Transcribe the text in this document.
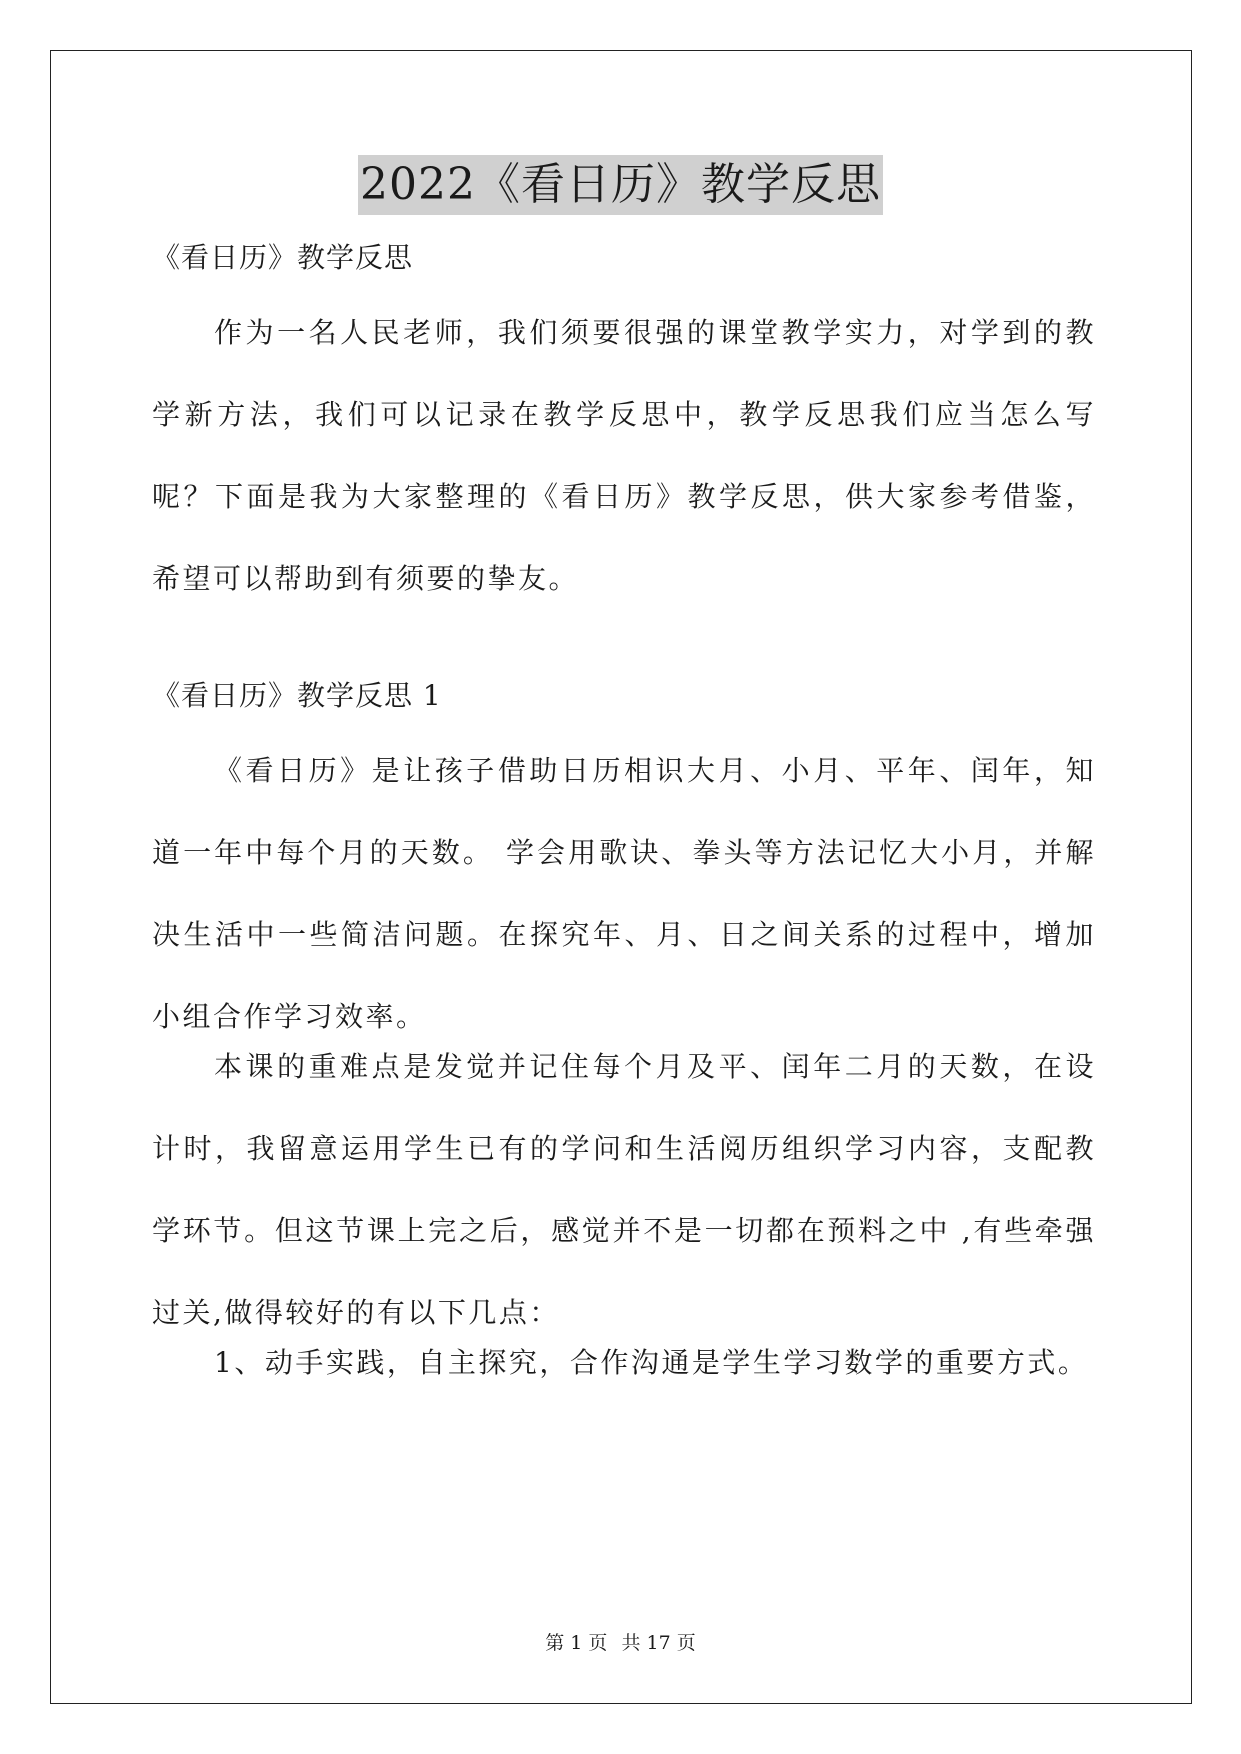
2022《看日历》教学反思
《看日历》教学反思

作为一名人民老师，我们须要很强的课堂教学实力，对学到的教学新方法，我们可以记录在教学反思中，教学反思我们应当怎么写呢？下面是我为大家整理的《看日历》教学反思，供大家参考借鉴，希望可以帮助到有须要的挚友。

《看日历》教学反思 1

《看日历》是让孩子借助日历相识大月、小月、平年、闰年，知道一年中每个月的天数。 学会用歌诀、拳头等方法记忆大小月，并解决生活中一些简洁问题。在探究年、月、日之间关系的过程中，增加小组合作学习效率。

本课的重难点是发觉并记住每个月及平、闰年二月的天数，在设计时，我留意运用学生已有的学问和生活阅历组织学习内容，支配教学环节。但这节课上完之后，感觉并不是一切都在预料之中 ,有些牵强过关,做得较好的有以下几点：

1、动手实践，自主探究，合作沟通是学生学习数学的重要方式。

第 1 页 共 17 页
